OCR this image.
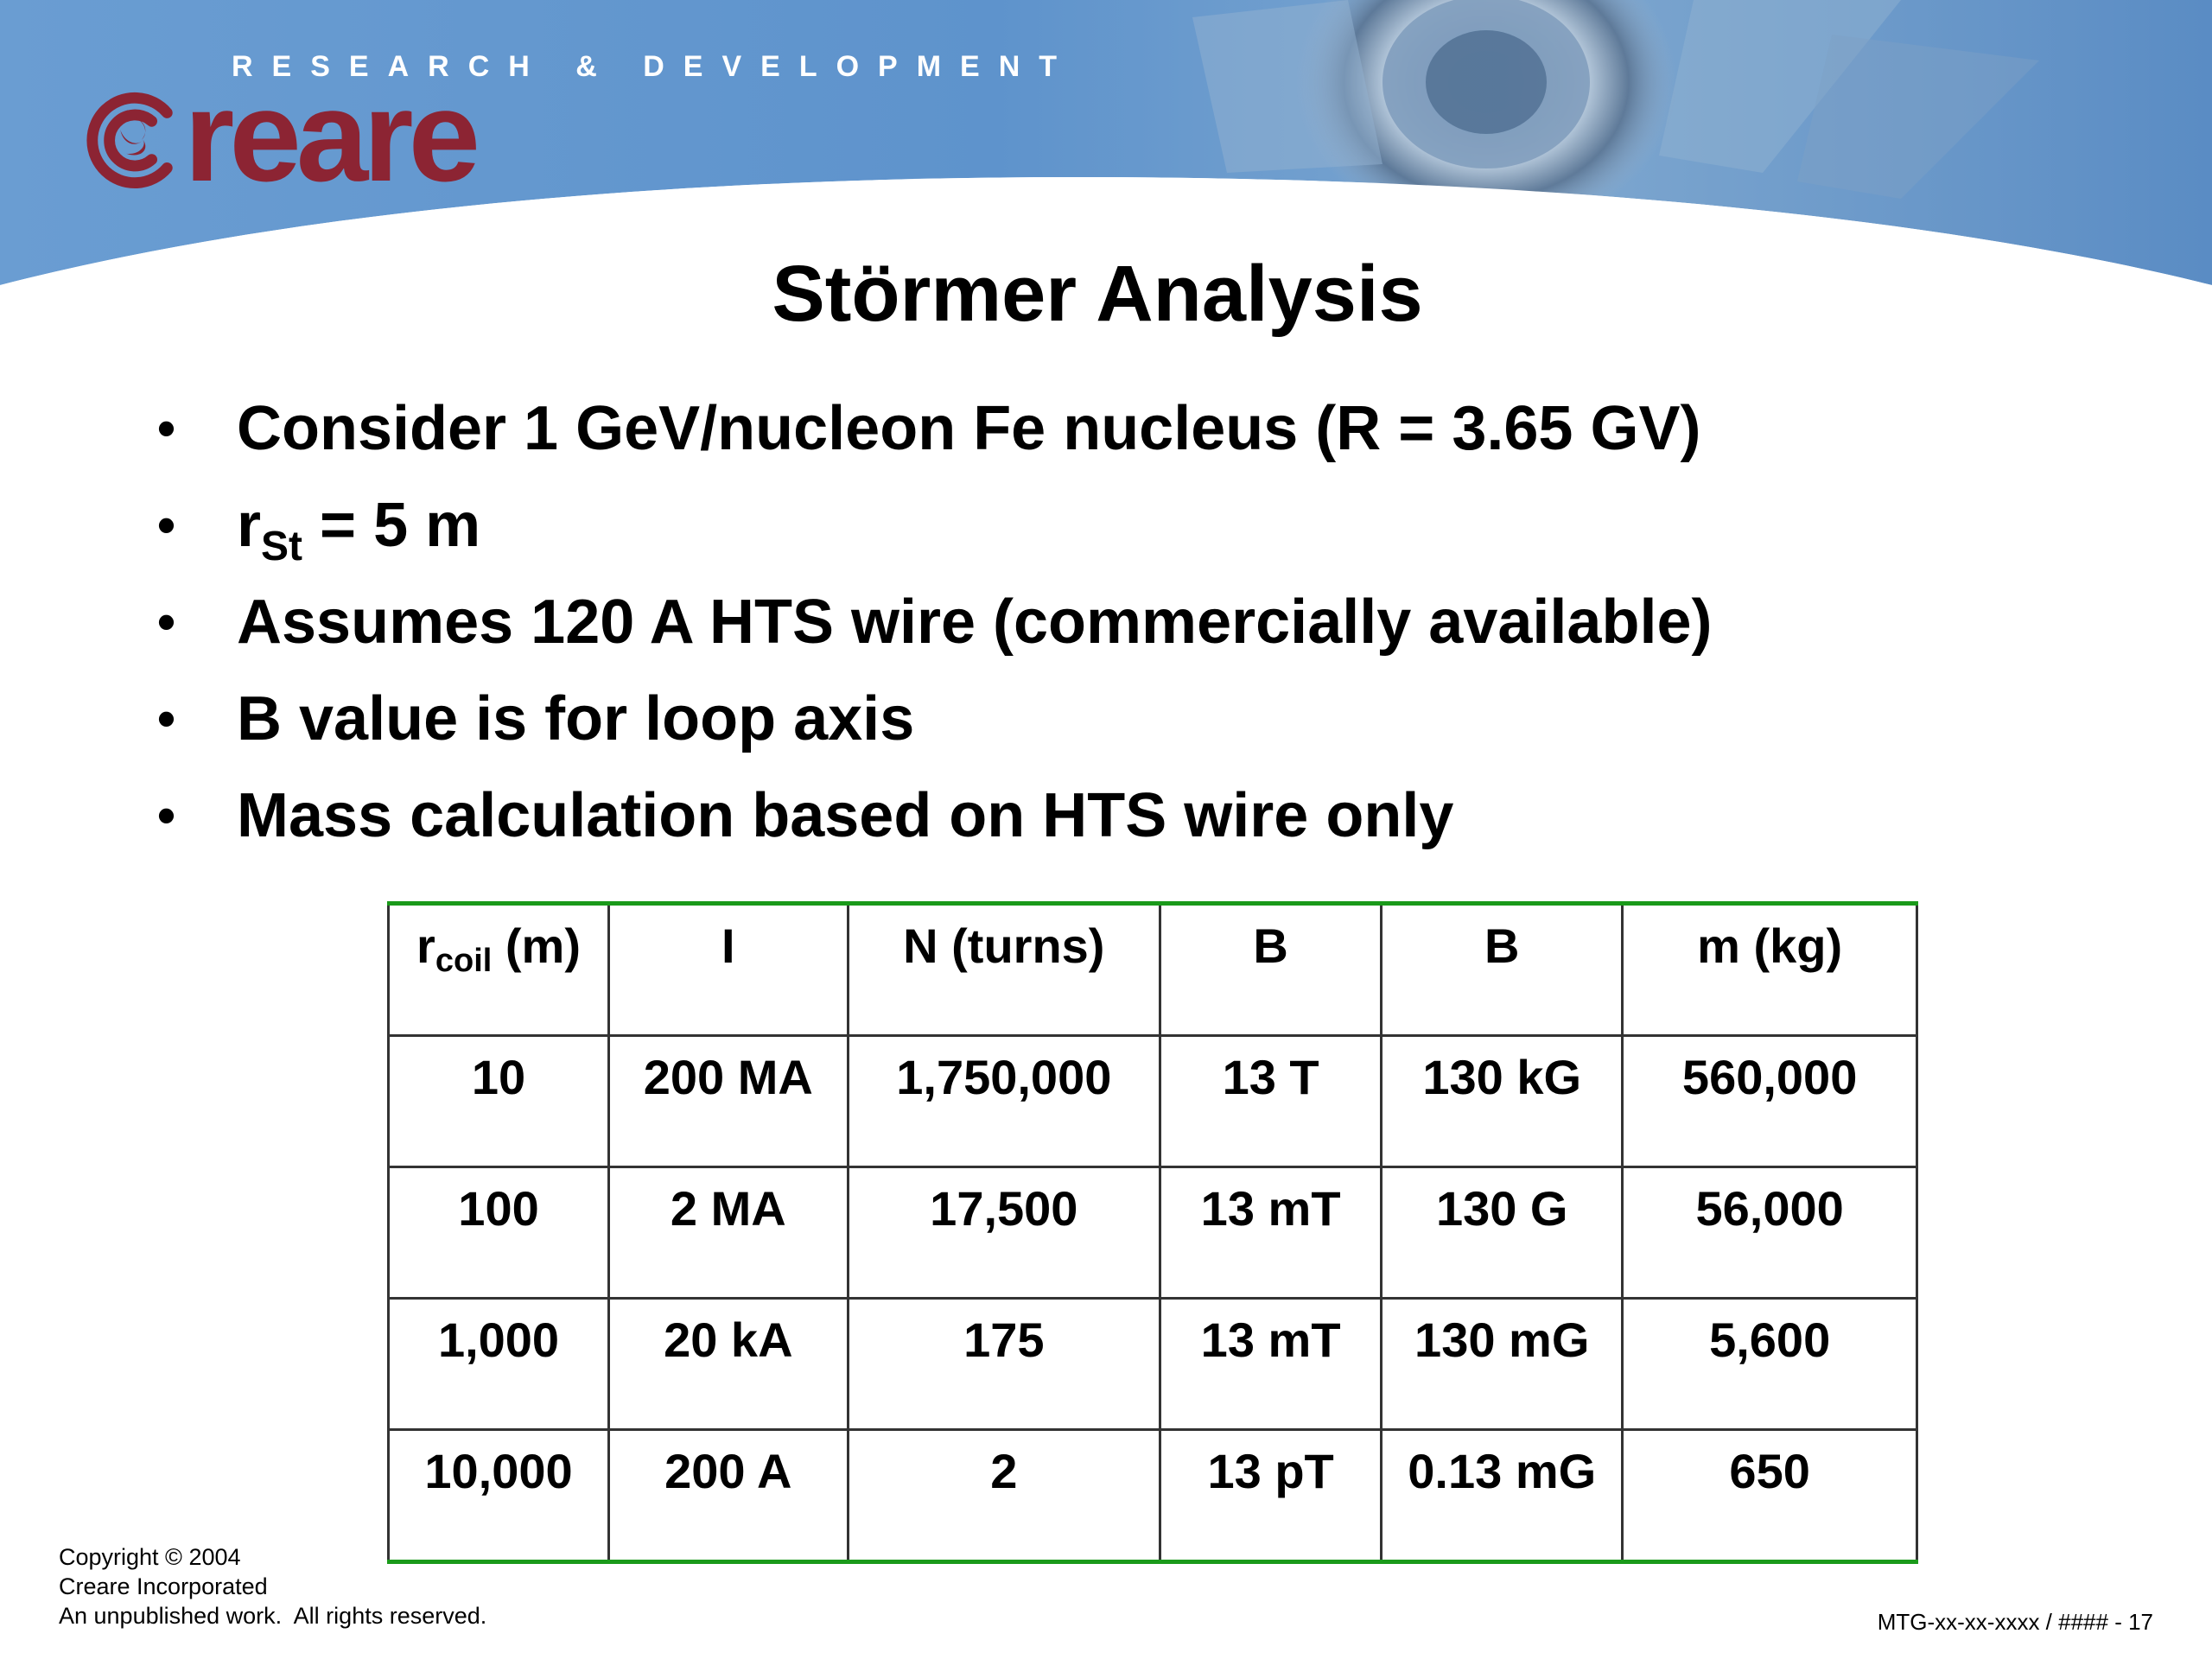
RESEARCH & DEVELOPMENT
reare
Störmer Analysis
• Consider 1 GeV/nucleon Fe nucleus (R = 3.65 GV)
• $r_{St} = 5$ m
• Assumes 120 A HTS wire (commercially available)
• B value is for loop axis
• Mass calculation based on HTS wire only
$r_{coil}$ (m)	I	N (turns)	B	B	m (kg)
10	200 MA	1,750,000	13 T	130 kG	560,000
100	2 MA	17,500	13 mT	130 G	56,000
1,000	20 kA	175	13 mT	130 mG	5,600
10,000	200 A	2	13 pT	0.13 mG	650
Copyright © 2004
Creare Incorporated
An unpublished work.  All rights reserved.	MTG-xx-xx-xxxx / #### - 17
